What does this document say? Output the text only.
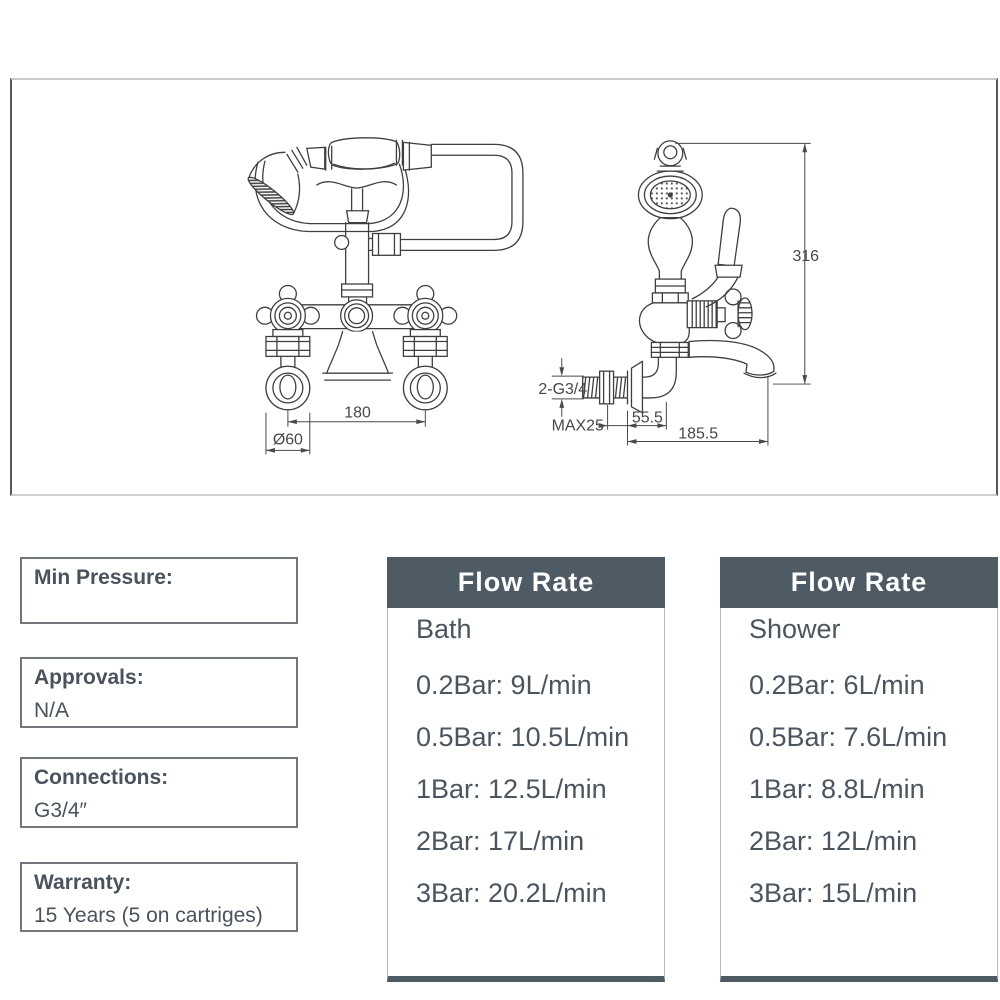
180
Ø60
316
2-G3/4
MAX25 55.5
185.5
Min Pressure:
Approvals:
N/A
Connections:
G3/4″
Warranty:
15 Years (5 on cartriges)
Flow Rate
Bath
0.2Bar: 9L/min
0.5Bar: 10.5L/min
1Bar: 12.5L/min
2Bar: 17L/min
3Bar: 20.2L/min
Flow Rate
Shower
0.2Bar: 6L/min
0.5Bar: 7.6L/min
1Bar: 8.8L/min
2Bar: 12L/min
3Bar: 15L/min
